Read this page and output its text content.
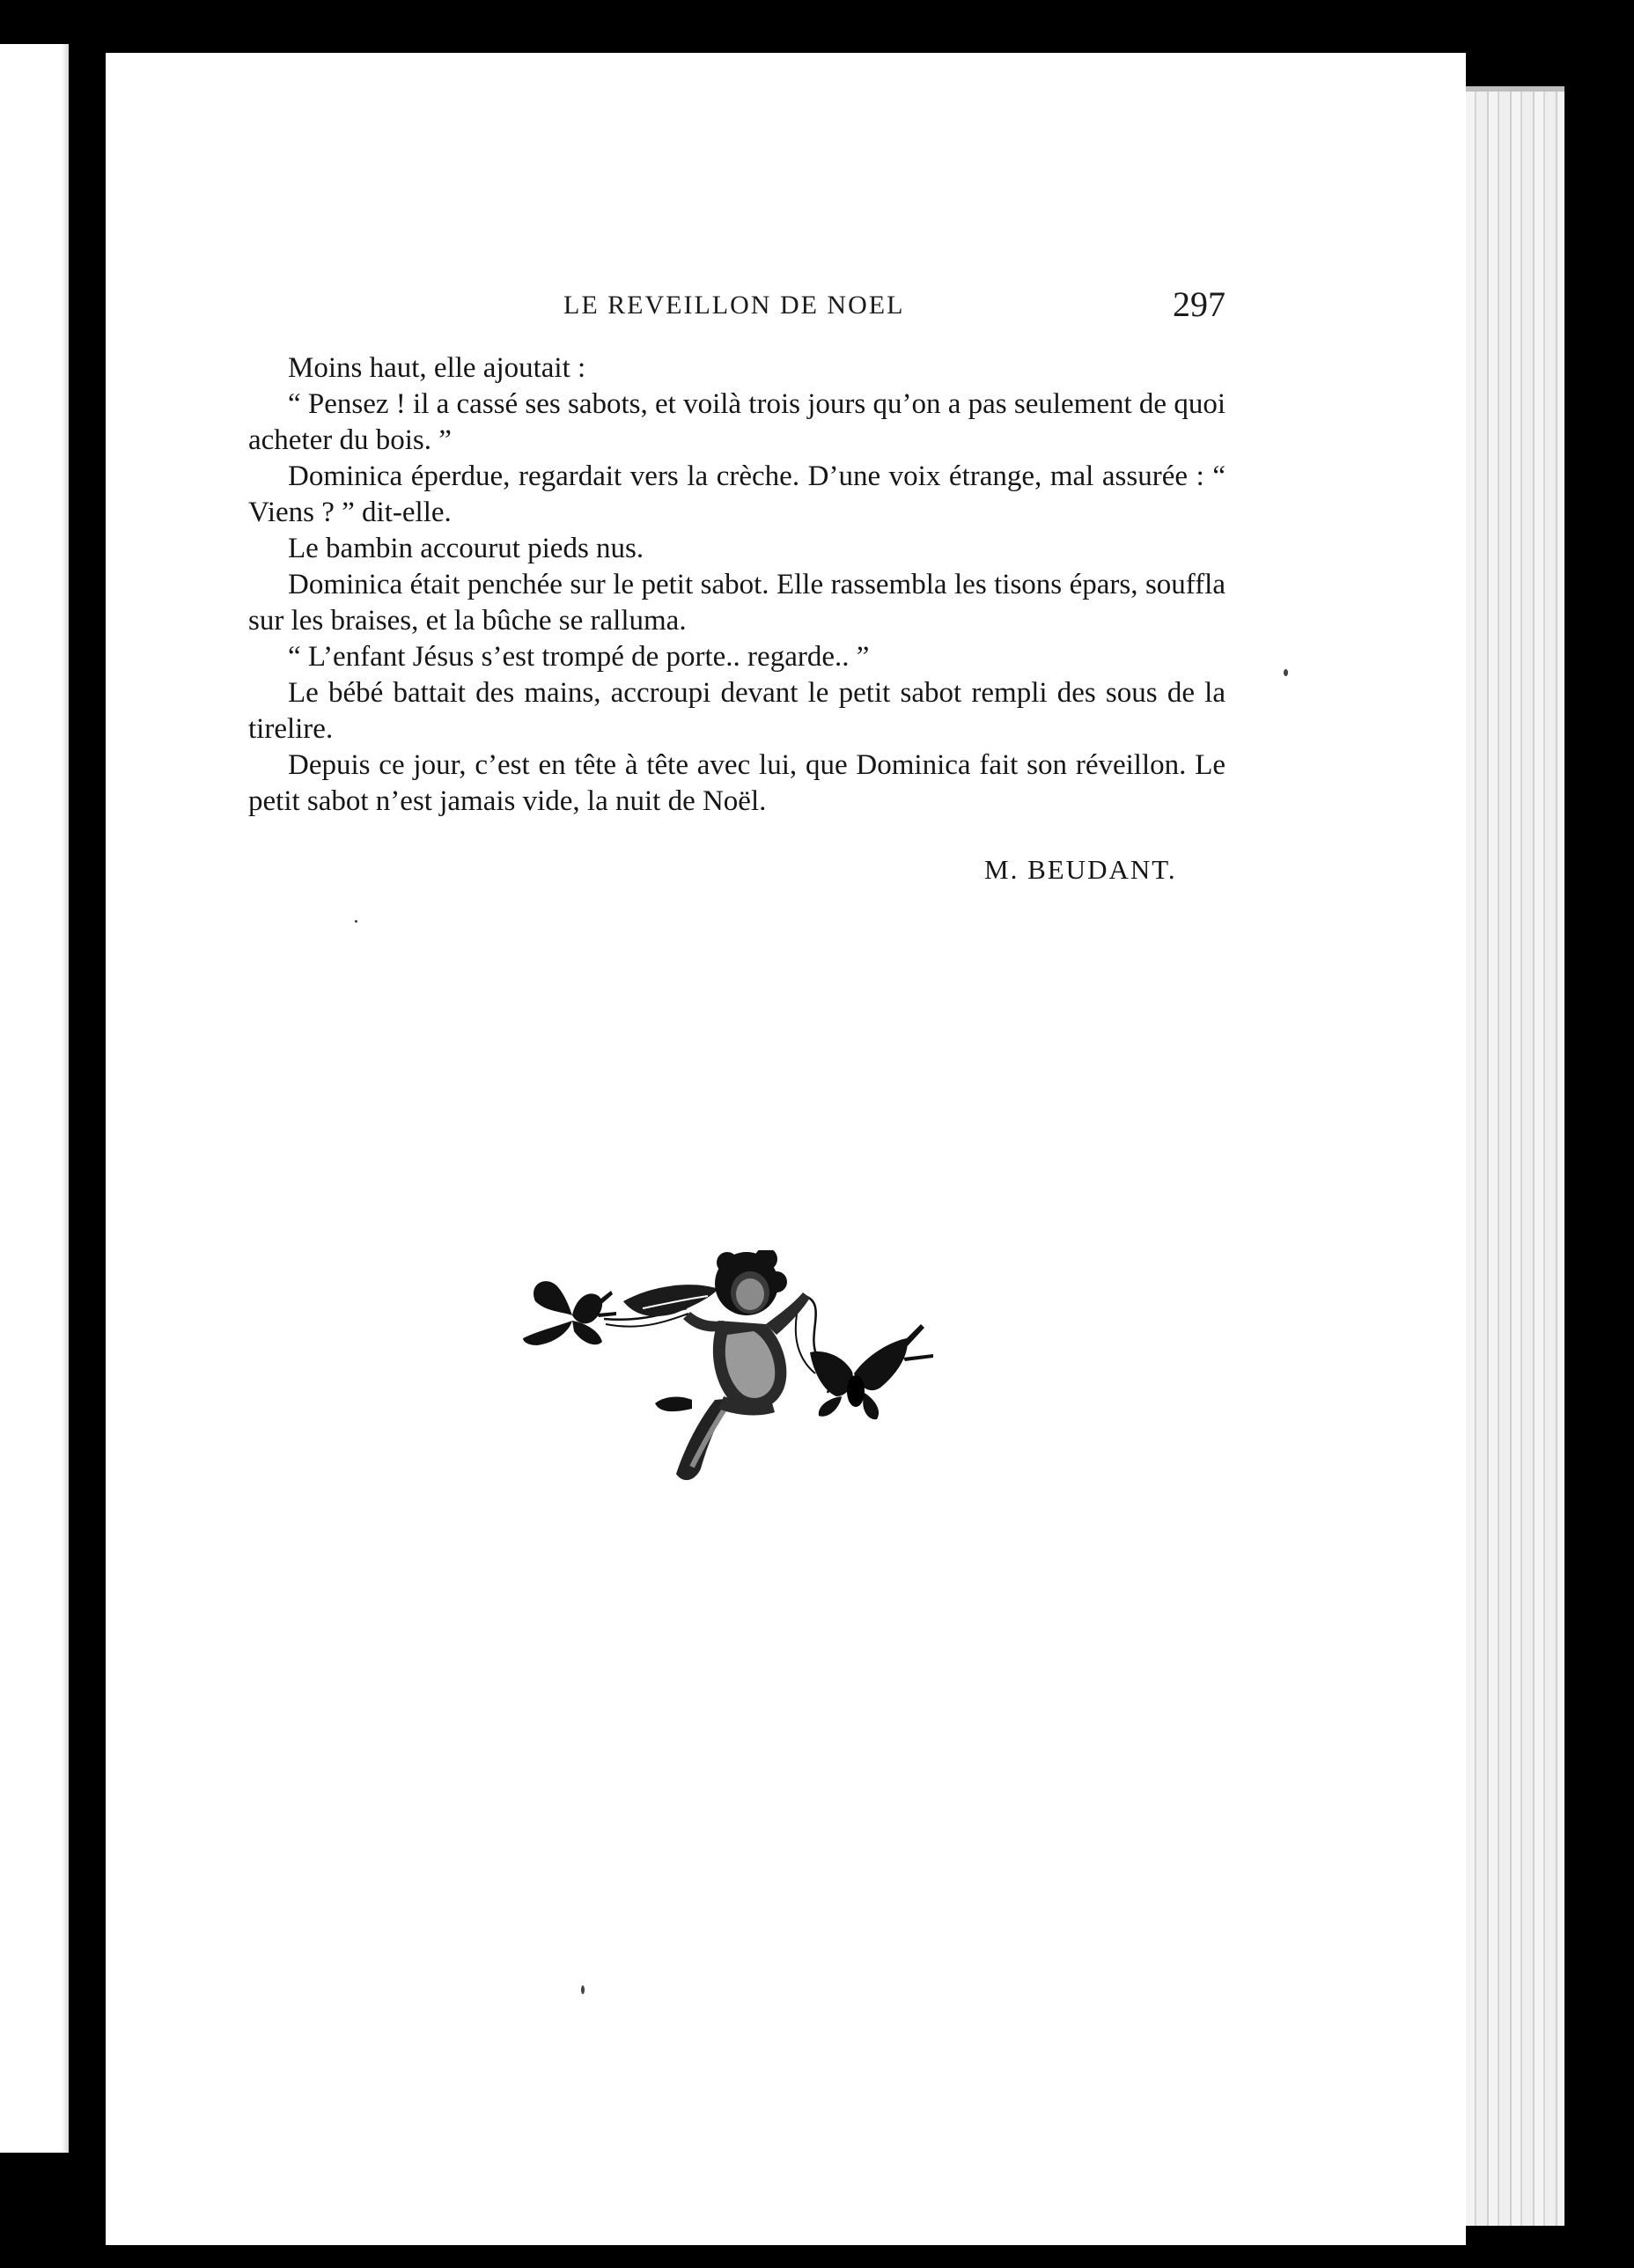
LE REVEILLON DE NOEL	297

Moins haut, elle ajoutait :

“ Pensez ! il a cassé ses sabots, et voilà trois jours qu’on a pas seulement de quoi acheter du bois. ”

Dominica éperdue, regardait vers la crèche. D’une voix étrange, mal assurée : “ Viens ? ” dit-elle.

Le bambin accourut pieds nus.

Dominica était penchée sur le petit sabot. Elle rassembla les tisons épars, souffla sur les braises, et la bûche se ralluma.

“ L’enfant Jésus s’est trompé de porte.. regarde.. ”

Le bébé battait des mains, accroupi devant le petit sabot rempli des sous de la tirelire.

Depuis ce jour, c’est en tête à tête avec lui, que Dominica fait son réveillon. Le petit sabot n’est jamais vide, la nuit de Noël.

M. BEUDANT.
